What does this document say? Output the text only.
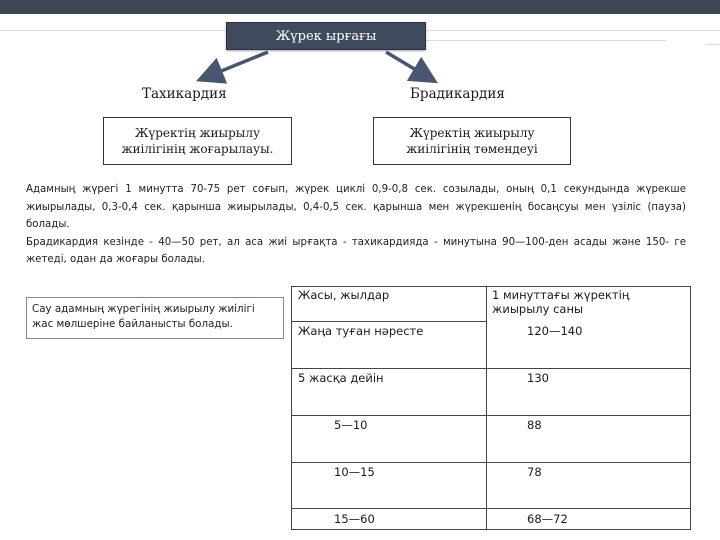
Жүрек ырғағы
Тахикардия	Брадикардия
Жүректің жиырылу жиілігінің жоғарылауы.
Жүректің жиырылу жиілігінің төмендеуі

Адамның жүрегі 1 минутта 70-75 рет соғып, жүрек циклі 0,9-0,8 сек. созылады, оның 0,1 секундында жүрекше жиырылады, 0,3-0,4 сек. қарынша жиырылады, 0,4-0,5 сек. қарынша мен жүрекшенің босаңсуы мен үзіліс (пауза) болады.

Брадикардия кезінде - 40—50 рет, ал аса жиі ырғақта - тахикардияда - минутына 90—100-ден асады және 150- ге жетеді, одан да жоғары болады.

Сау адамның жүрегінің жиырылу жиілігі жас мөлшеріне байланысты болады.
Жасы, жылдар	1 минуттағы жүректің жиырылу саны
Жаңа туған нәресте	120—140
5 жасқа дейін	130
5—10	88
10—15	78
15—60	68—72
